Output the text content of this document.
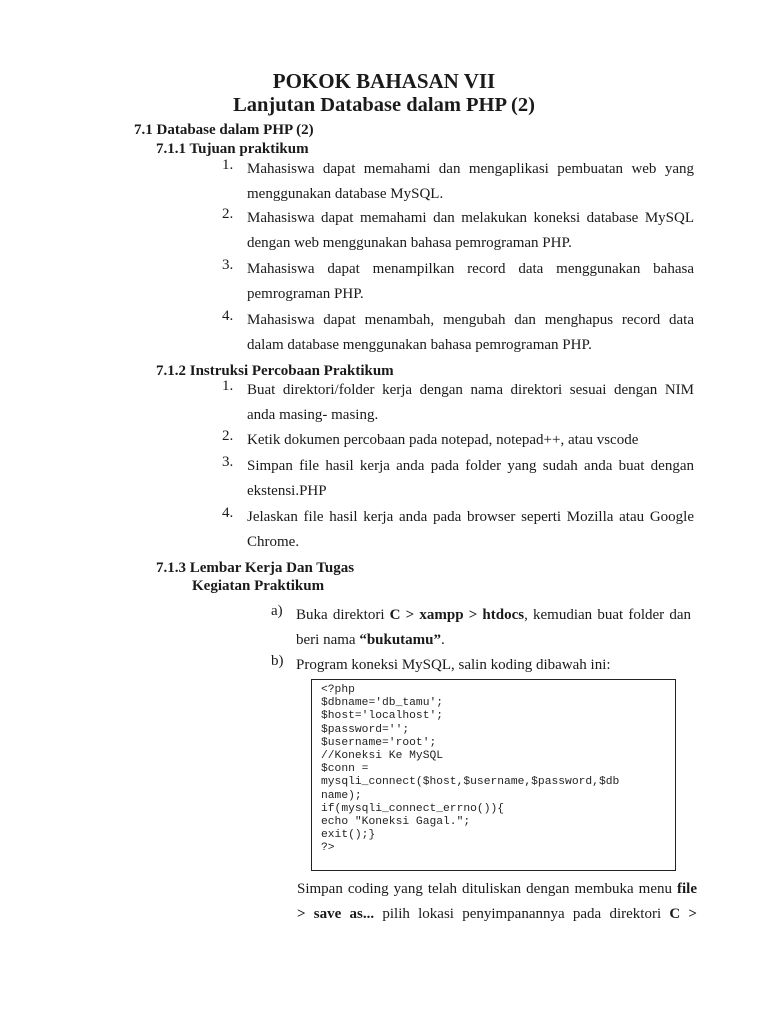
POKOK BAHASAN VII
Lanjutan Database dalam PHP (2)
7.1 Database dalam PHP (2)
7.1.1 Tujuan praktikum
1. Mahasiswa dapat memahami dan mengaplikasi pembuatan web yang
menggunakan database MySQL.
2. Mahasiswa dapat memahami dan melakukan koneksi database MySQL
dengan web menggunakan bahasa pemrograman PHP.
3. Mahasiswa dapat menampilkan record data menggunakan bahasa
pemrograman PHP.
4. Mahasiswa dapat menambah, mengubah dan menghapus record data
dalam database menggunakan bahasa pemrograman PHP.
7.1.2 Instruksi Percobaan Praktikum
1. Buat direktori/folder kerja dengan nama direktori sesuai dengan NIM
anda masing- masing.
2. Ketik dokumen percobaan pada notepad, notepad++, atau vscode
3. Simpan file hasil kerja anda pada folder yang sudah anda buat dengan
ekstensi.PHP
4. Jelaskan file hasil kerja anda pada browser seperti Mozilla atau Google
Chrome.
7.1.3 Lembar Kerja Dan Tugas
Kegiatan Praktikum
a) Buka direktori C > xampp > htdocs, kemudian buat folder dan
beri nama “bukutamu”.
b) Program koneksi MySQL, salin koding dibawah ini:
<?php
$dbname='db_tamu';
$host='localhost';
$password='';
$username='root';
//Koneksi Ke MySQL
$conn =
mysqli_connect($host,$username,$password,$db
name);
if(mysqli_connect_errno()){
echo "Koneksi Gagal.";
exit();}
?>
Simpan coding yang telah dituliskan dengan membuka menu file
> save as... pilih lokasi penyimpanannya pada direktori C >
